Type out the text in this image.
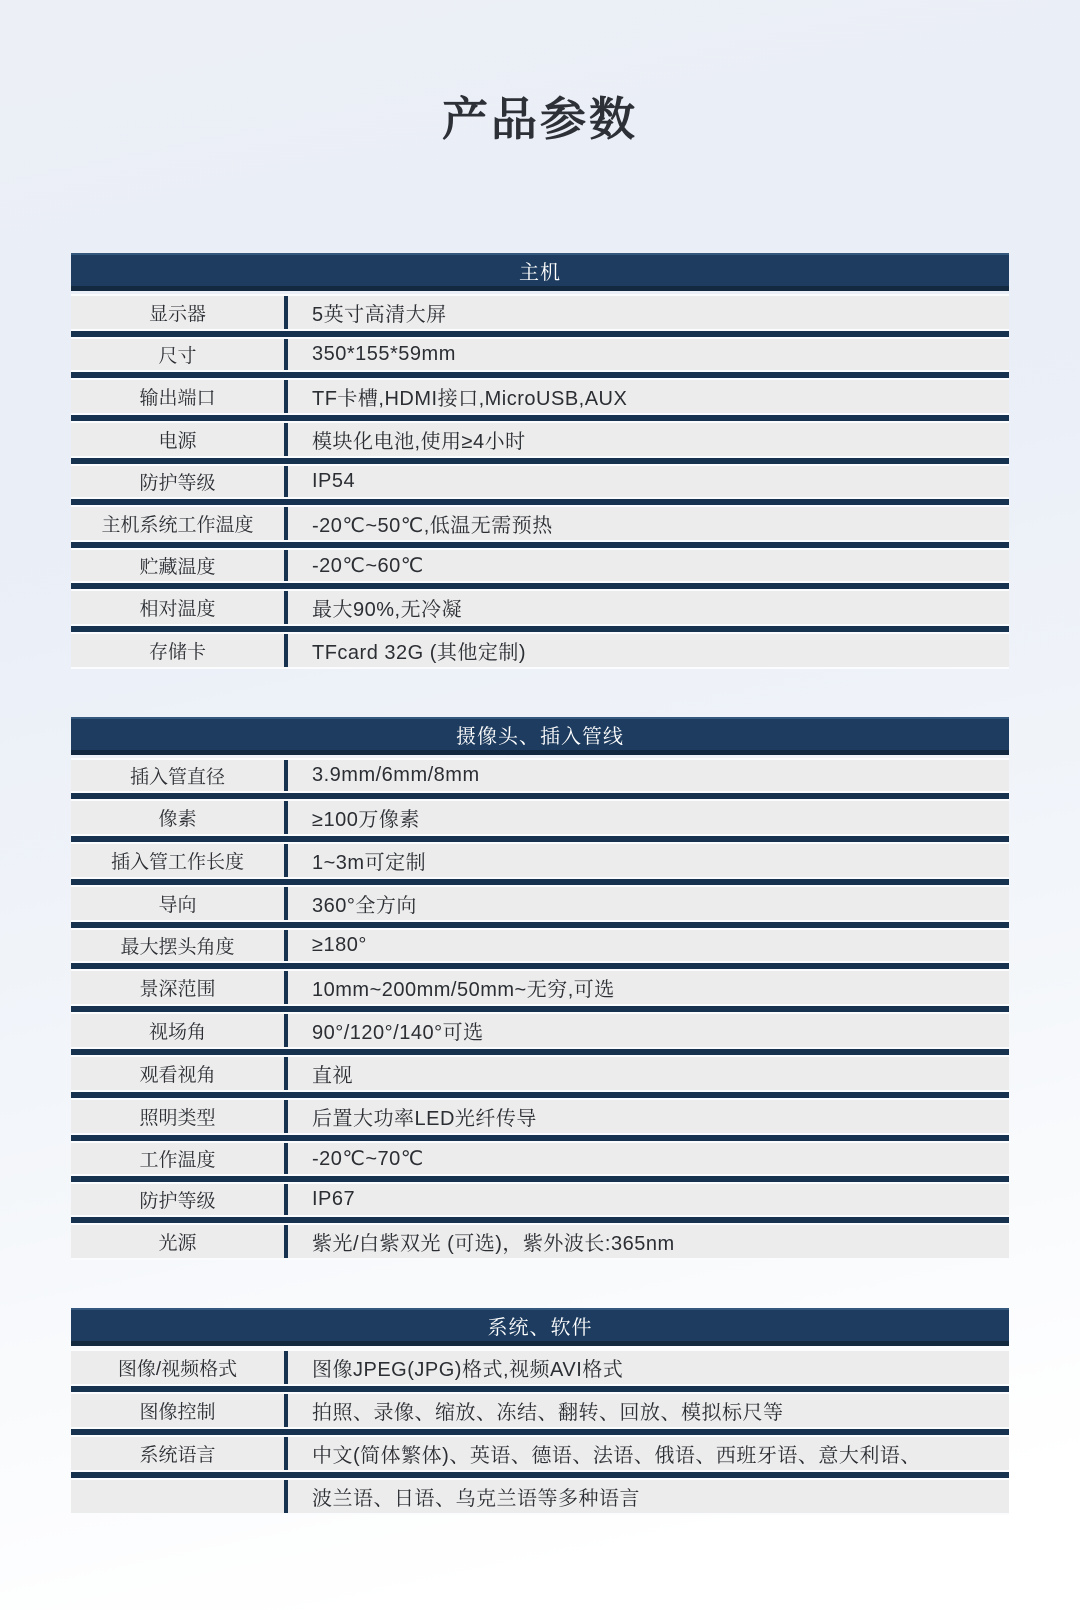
产品参数
主机
显示器	5英寸高清大屏
尺寸	350*155*59mm
输出端口	TF卡槽,HDMI接口,MicroUSB,AUX
电源	模块化电池,使用≥4小时
防护等级	IP54
主机系统工作温度	-20℃~50℃,低温无需预热
贮藏温度	-20℃~60℃
相对温度	最大90%,无冷凝
存储卡	TFcard 32G (其他定制)
摄像头、插入管线
插入管直径	3.9mm/6mm/8mm
像素	≥100万像素
插入管工作长度	1~3m可定制
导向	360°全方向
最大摆头角度	≥180°
景深范围	10mm~200mm/50mm~无穷,可选
视场角	90°/120°/140°可选
观看视角	直视
照明类型	后置大功率LED光纤传导
工作温度	-20℃~70℃
防护等级	IP67
光源	紫光/白紫双光 (可选)，紫外波长:365nm
系统、软件
图像/视频格式	图像JPEG(JPG)格式,视频AVI格式
图像控制	拍照、录像、缩放、冻结、翻转、回放、模拟标尺等
系统语言	中文(简体繁体)、英语、德语、法语、俄语、西班牙语、意大利语、
波兰语、日语、乌克兰语等多种语言
